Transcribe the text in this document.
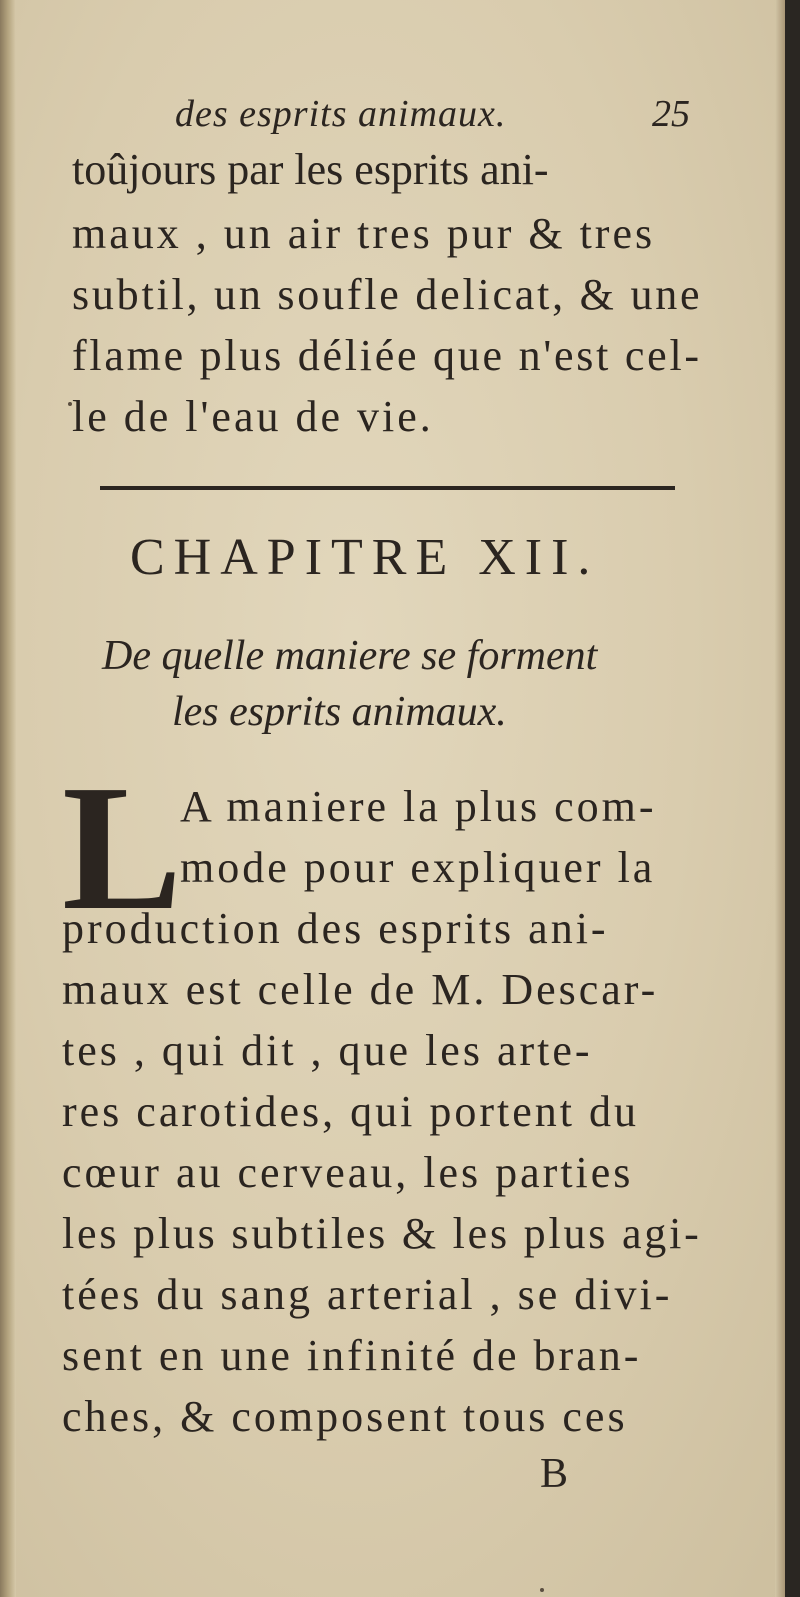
des esprits animaux.	25
toûjours par les esprits ani-
maux , un air tres pur & tres
subtil, un soufle delicat, & une
flame plus déliée que n'est cel-
le de l'eau de vie.
CHAPITRE XII.
De quelle maniere se forment
les esprits animaux.
L
A maniere la plus com-
mode pour expliquer la
production des esprits ani-
maux est celle de M. Descar-
tes , qui dit , que les arte-
res carotides, qui portent du
cœur au cerveau, les parties
les plus subtiles & les plus agi-
tées du sang arterial , se divi-
sent en une infinité de bran-
ches, & composent tous ces
B
